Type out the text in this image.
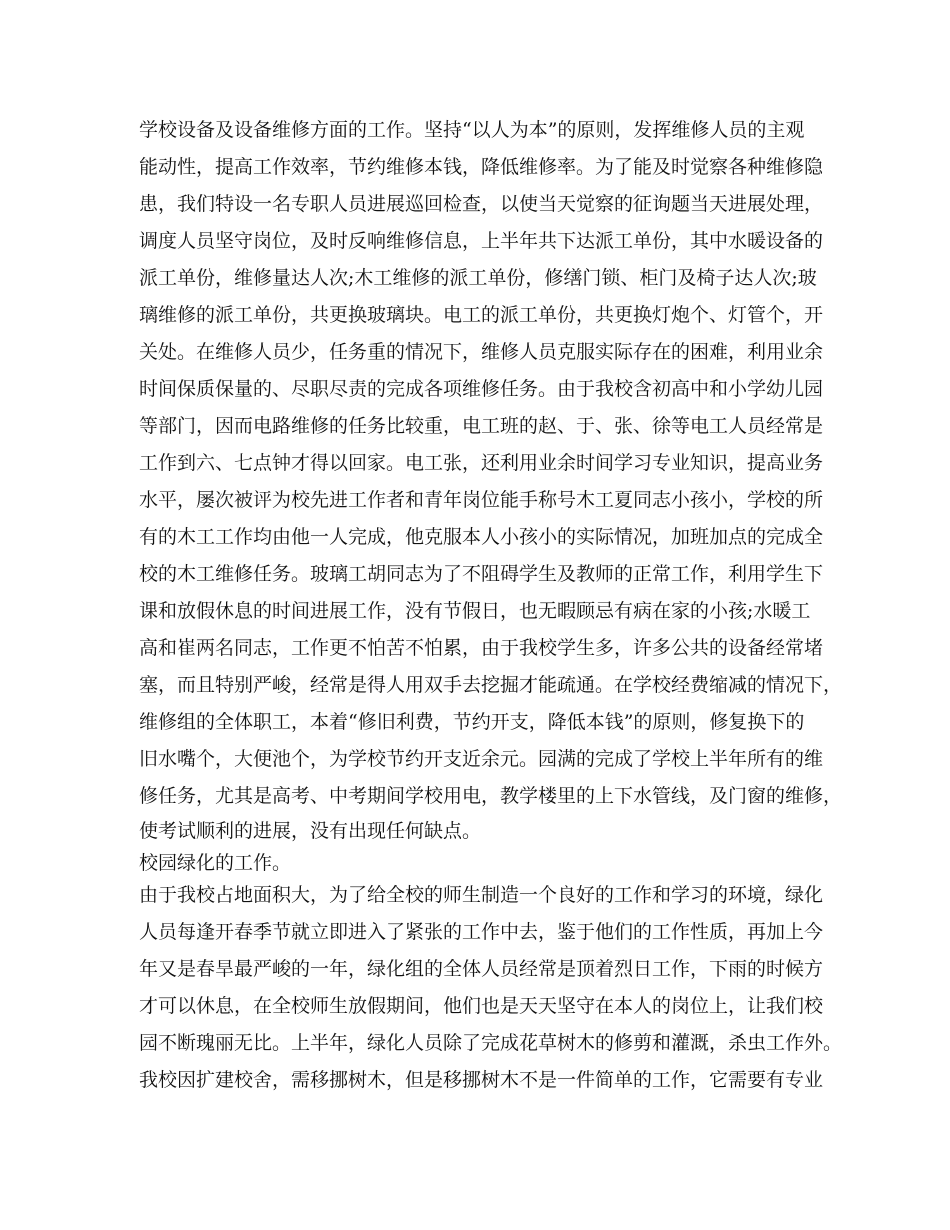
学校设备及设备维修方面的工作。坚持“以人为本”的原则，发挥维修人员的主观
能动性，提高工作效率，节约维修本钱，降低维修率。为了能及时觉察各种维修隐
患，我们特设一名专职人员进展巡回检查，以使当天觉察的征询题当天进展处理，
调度人员坚守岗位，及时反响维修信息，上半年共下达派工单份，其中水暖设备的
派工单份，维修量达人次;木工维修的派工单份，修缮门锁、柜门及椅子达人次;玻
璃维修的派工单份，共更换玻璃块。电工的派工单份，共更换灯炮个、灯管个，开
关处。在维修人员少，任务重的情况下，维修人员克服实际存在的困难，利用业余
时间保质保量的、尽职尽责的完成各项维修任务。由于我校含初高中和小学幼儿园
等部门，因而电路维修的任务比较重，电工班的赵、于、张、徐等电工人员经常是
工作到六、七点钟才得以回家。电工张，还利用业余时间学习专业知识，提高业务
水平，屡次被评为校先进工作者和青年岗位能手称号木工夏同志小孩小，学校的所
有的木工工作均由他一人完成，他克服本人小孩小的实际情况，加班加点的完成全
校的木工维修任务。玻璃工胡同志为了不阻碍学生及教师的正常工作，利用学生下
课和放假休息的时间进展工作，没有节假日，也无暇顾忌有病在家的小孩;水暖工
高和崔两名同志，工作更不怕苦不怕累，由于我校学生多，许多公共的设备经常堵
塞，而且特别严峻，经常是得人用双手去挖掘才能疏通。在学校经费缩减的情况下，
维修组的全体职工，本着“修旧利费，节约开支，降低本钱”的原则，修复换下的
旧水嘴个，大便池个，为学校节约开支近余元。园满的完成了学校上半年所有的维
修任务，尤其是高考、中考期间学校用电，教学楼里的上下水管线，及门窗的维修，
使考试顺利的进展，没有出现任何缺点。
校园绿化的工作。
由于我校占地面积大，为了给全校的师生制造一个良好的工作和学习的环境，绿化
人员每逢开春季节就立即进入了紧张的工作中去，鉴于他们的工作性质，再加上今
年又是春旱最严峻的一年，绿化组的全体人员经常是顶着烈日工作，下雨的时候方
才可以休息，在全校师生放假期间，他们也是天天坚守在本人的岗位上，让我们校
园不断瑰丽无比。上半年，绿化人员除了完成花草树木的修剪和灌溉，杀虫工作外。
我校因扩建校舍，需移挪树木，但是移挪树木不是一件简单的工作，它需要有专业
